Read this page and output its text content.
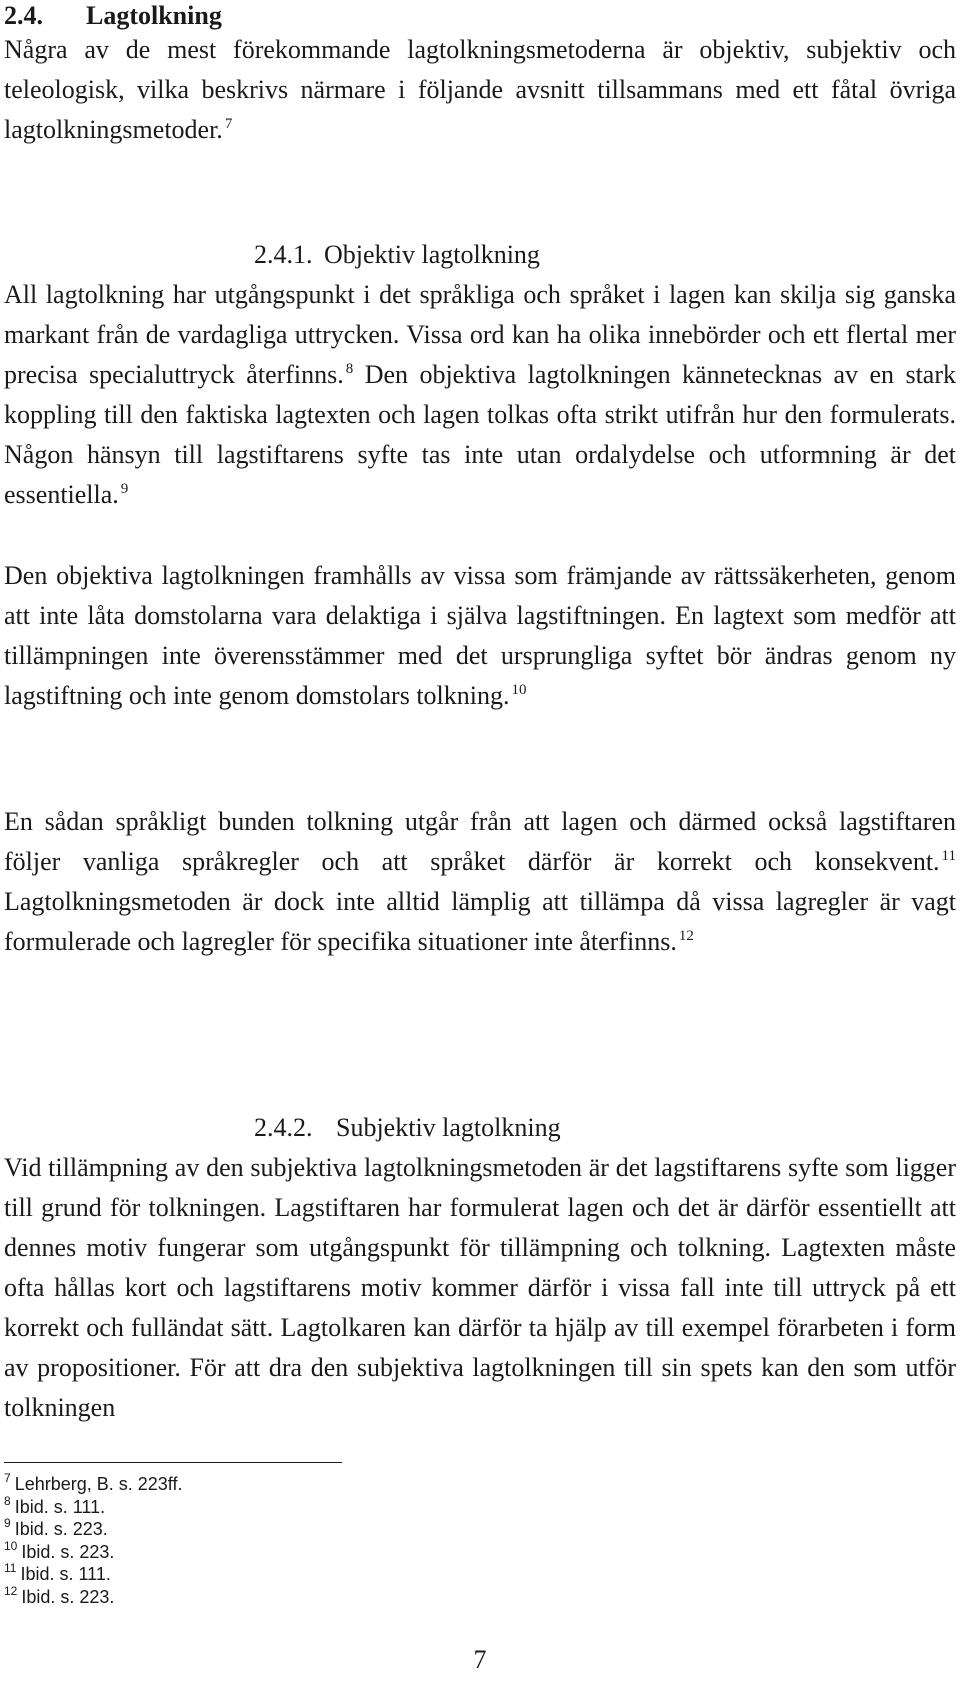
2.4. Lagtolkning

Några av de mest förekommande lagtolkningsmetoderna är objektiv, subjektiv och teleologisk, vilka beskrivs närmare i följande avsnitt tillsammans med ett fåtal övriga lagtolkningsmetoder. $^7$

2.4.1. Objektiv lagtolkning

All lagtolkning har utgångspunkt i det språkliga och språket i lagen kan skilja sig ganska markant från de vardagliga uttrycken. Vissa ord kan ha olika innebörder och ett flertal mer precisa specialuttryck återfinns. $^8$ Den objektiva lagtolkningen kännetecknas av en stark koppling till den faktiska lagtexten och lagen tolkas ofta strikt utifrån hur den formulerats. Någon hänsyn till lagstiftarens syfte tas inte utan ordalydelse och utformning är det essentiella. $^9$

Den objektiva lagtolkningen framhålls av vissa som främjande av rättssäkerheten, genom att inte låta domstolarna vara delaktiga i själva lagstiftningen. En lagtext som medför att tillämpningen inte överensstämmer med det ursprungliga syftet bör ändras genom ny lagstiftning och inte genom domstolars tolkning. $^{10}$

En sådan språkligt bunden tolkning utgår från att lagen och därmed också lagstiftaren följer vanliga språkregler och att språket därför är korrekt och konsekvent. $^{11}$ Lagtolkningsmetoden är dock inte alltid lämplig att tillämpa då vissa lagregler är vagt formulerade och lagregler för specifika situationer inte återfinns. $^{12}$

2.4.2. Subjektiv lagtolkning

Vid tillämpning av den subjektiva lagtolkningsmetoden är det lagstiftarens syfte som ligger till grund för tolkningen. Lagstiftaren har formulerat lagen och det är därför essentiellt att dennes motiv fungerar som utgångspunkt för tillämpning och tolkning. Lagtexten måste ofta hållas kort och lagstiftarens motiv kommer därför i vissa fall inte till uttryck på ett korrekt och fulländat sätt. Lagtolkaren kan därför ta hjälp av till exempel förarbeten i form av propositioner. För att dra den subjektiva lagtolkningen till sin spets kan den som utför tolkningen

$^7$ Lehrberg, B. s. 223ff.

$^8$ Ibid. s. 111.

$^9$ Ibid. s. 223.

$^{10}$ Ibid. s. 223.

$^{11}$ Ibid. s. 111.

$^{12}$ Ibid. s. 223.

7
